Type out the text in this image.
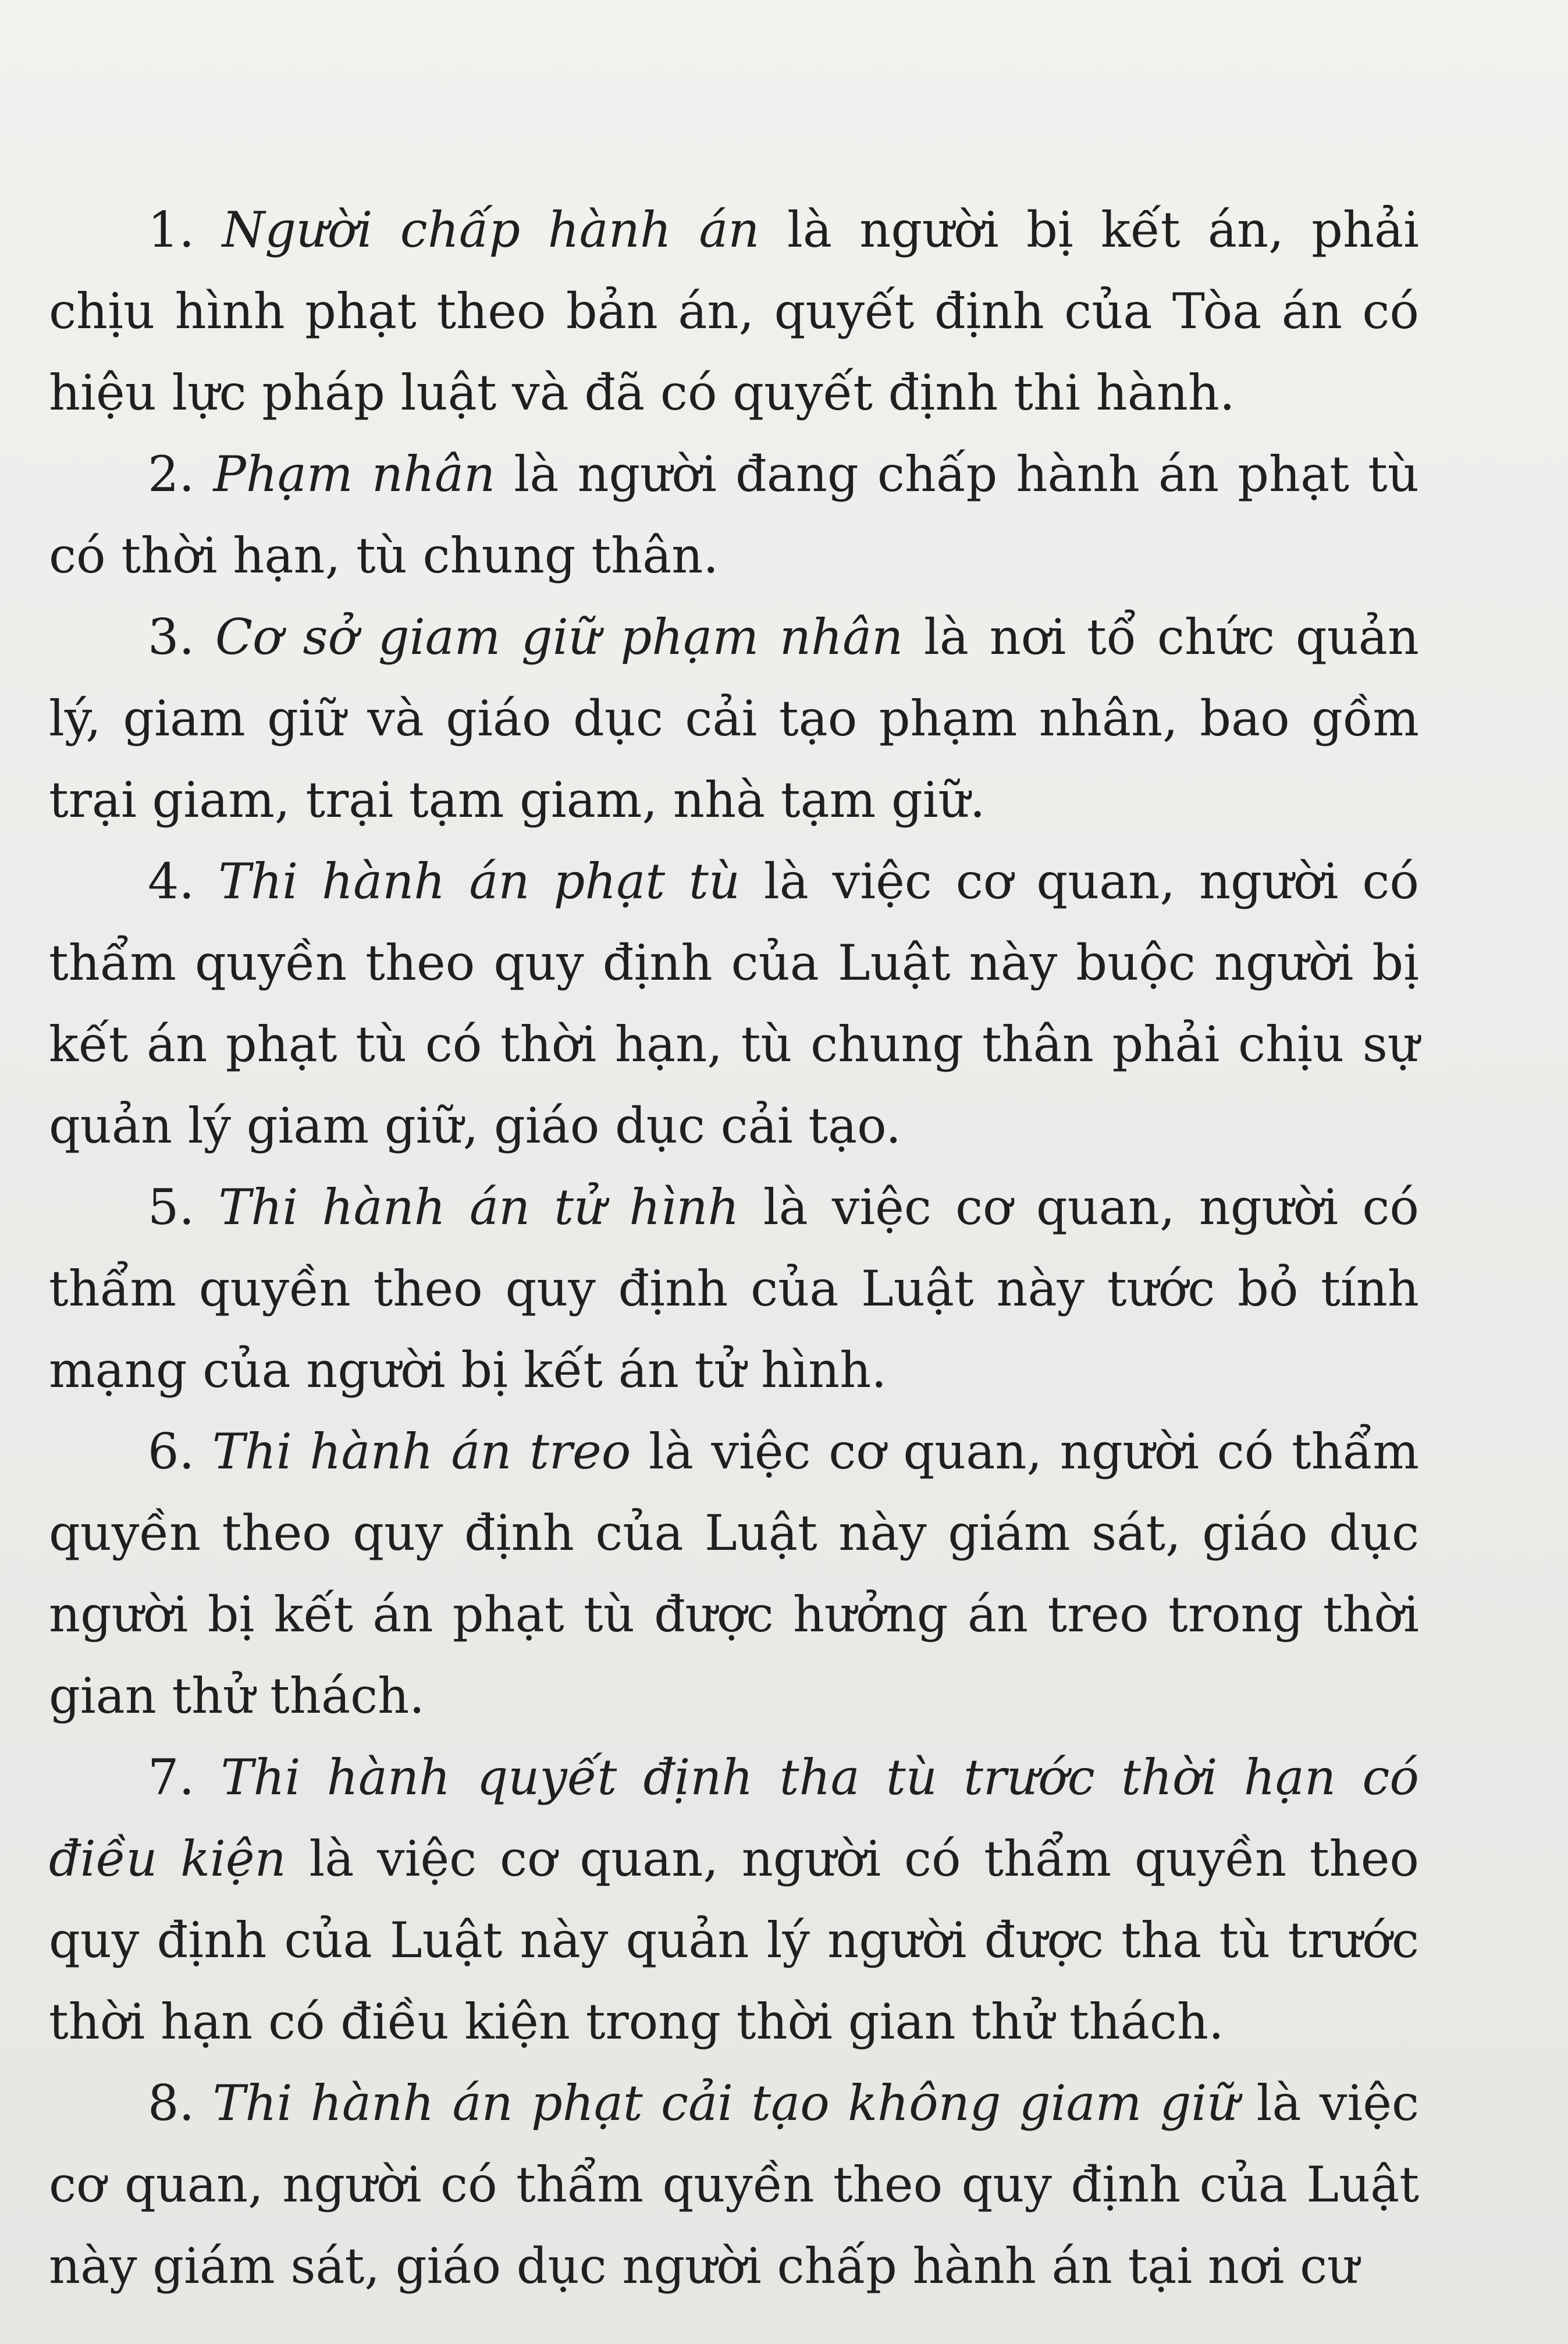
1. Người chấp hành án là người bị kết án, phải chịu hình phạt theo bản án, quyết định của Tòa án có hiệu lực pháp luật và đã có quyết định thi hành.

2. Phạm nhân là người đang chấp hành án phạt tù có thời hạn, tù chung thân.

3. Cơ sở giam giữ phạm nhân là nơi tổ chức quản lý, giam giữ và giáo dục cải tạo phạm nhân, bao gồm trại giam, trại tạm giam, nhà tạm giữ.

4. Thi hành án phạt tù là việc cơ quan, người có thẩm quyền theo quy định của Luật này buộc người bị kết án phạt tù có thời hạn, tù chung thân phải chịu sự quản lý giam giữ, giáo dục cải tạo.

5. Thi hành án tử hình là việc cơ quan, người có thẩm quyền theo quy định của Luật này tước bỏ tính mạng của người bị kết án tử hình.

6. Thi hành án treo là việc cơ quan, người có thẩm quyền theo quy định của Luật này giám sát, giáo dục người bị kết án phạt tù được hưởng án treo trong thời gian thử thách.

7. Thi hành quyết định tha tù trước thời hạn có điều kiện là việc cơ quan, người có thẩm quyền theo quy định của Luật này quản lý người được tha tù trước thời hạn có điều kiện trong thời gian thử thách.

8. Thi hành án phạt cải tạo không giam giữ là việc cơ quan, người có thẩm quyền theo quy định của Luật này giám sát, giáo dục người chấp hành án tại nơi cư
